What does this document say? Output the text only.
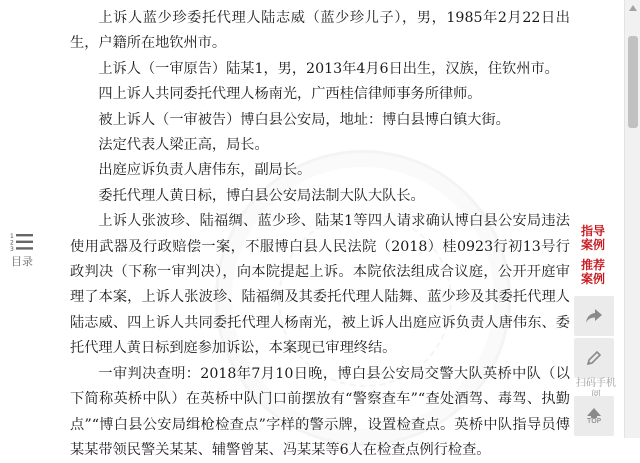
上诉人蓝少珍委托代理人陆志威（蓝少珍儿子），男，1985年2月22日出生，户籍所在地钦州市。

上诉人（一审原告）陆某1，男，2013年4月6日出生，汉族，住钦州市。

四上诉人共同委托代理人杨南光，广西桂信律师事务所律师。

被上诉人（一审被告）博白县公安局，地址：博白县博白镇大街。

法定代表人梁正高，局长。

出庭应诉负责人唐伟东，副局长。

委托代理人黄日标，博白县公安局法制大队大队长。

上诉人张波珍、陆福绸、蓝少珍、陆某1等四人请求确认博白县公安局违法使用武器及行政赔偿一案，不服博白县人民法院（2018）桂0923行初13号行政判决（下称一审判决），向本院提起上诉。本院依法组成合议庭，公开开庭审理了本案，上诉人张波珍、陆福绸及其委托代理人陆舞、蓝少珍及其委托代理人陆志威、四上诉人共同委托代理人杨南光，被上诉人出庭应诉负责人唐伟东、委托代理人黄日标到庭参加诉讼，本案现已审理终结。

一审判决查明：2018年7月10日晚，博白县公安局交警大队英桥中队（以下简称英桥中队）在英桥中队门口前摆放有“警察查车”“查处酒驾、毒驾、执勤点”“博白县公安局缉枪检查点”字样的警示牌，设置检查点。英桥中队指导员傅某某带领民警关某某、辅警曾某、冯某某等6人在检查点例行检查。

1
2
3
目录
指导案例
推荐案例
扫码手机
TOP
